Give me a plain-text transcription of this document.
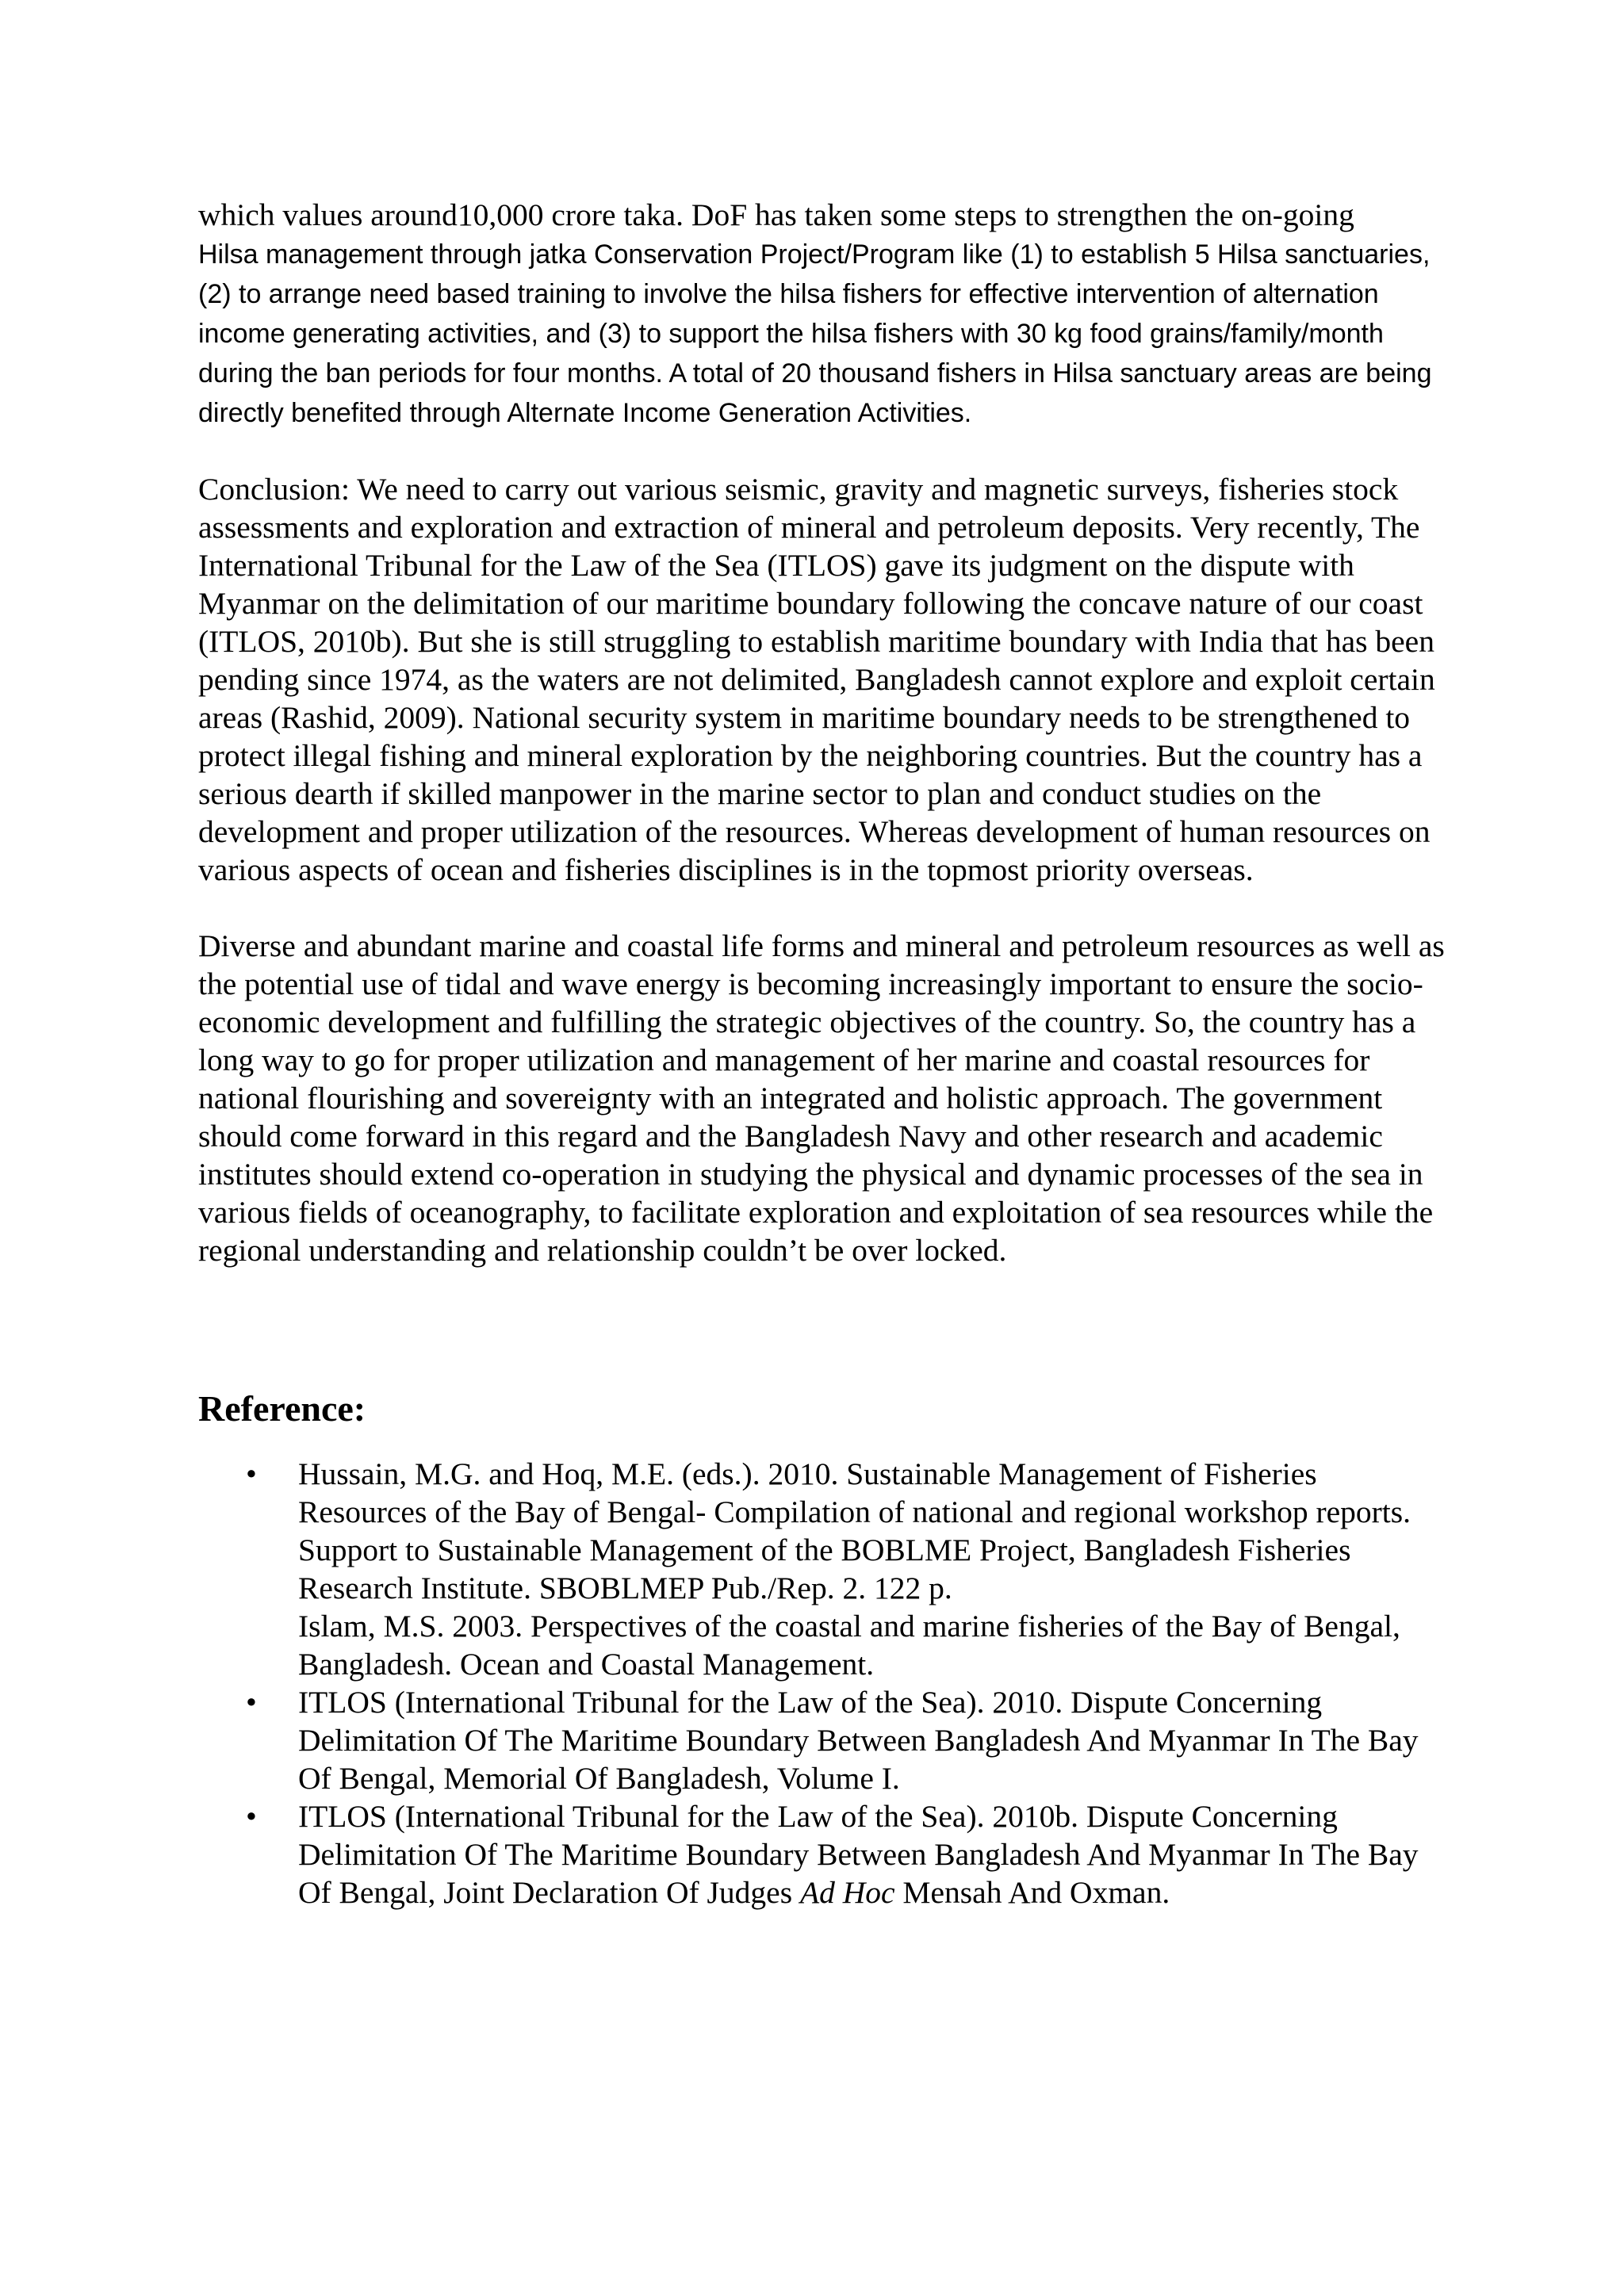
which values around10,000 crore taka. DoF has taken some steps to strengthen the on-going
Hilsa management through jatka Conservation Project/Program like (1) to establish 5 Hilsa sanctuaries, (2) to arrange need based training to involve the hilsa fishers for effective intervention of alternation income generating activities, and (3) to support the hilsa fishers with 30 kg food grains/family/month during the ban periods for four months. A total of 20 thousand fishers in Hilsa sanctuary areas are being directly benefited through Alternate Income Generation Activities.

Conclusion: We need to carry out various seismic, gravity and magnetic surveys, fisheries stock assessments and exploration and extraction of mineral and petroleum deposits. Very recently, The International Tribunal for the Law of the Sea (ITLOS) gave its judgment on the dispute with Myanmar on the delimitation of our maritime boundary following the concave nature of our coast (ITLOS, 2010b). But she is still struggling to establish maritime boundary with India that has been pending since 1974, as the waters are not delimited, Bangladesh cannot explore and exploit certain areas (Rashid, 2009). National security system in maritime boundary needs to be strengthened to protect illegal fishing and mineral exploration by the neighboring countries. But the country has a serious dearth if skilled manpower in the marine sector to plan and conduct studies on the development and proper utilization of the resources. Whereas development of human resources on various aspects of ocean and fisheries disciplines is in the topmost priority overseas.

Diverse and abundant marine and coastal life forms and mineral and petroleum resources as well as the potential use of tidal and wave energy is becoming increasingly important to ensure the socio-economic development and fulfilling the strategic objectives of the country. So, the country has a long way to go for proper utilization and management of her marine and coastal resources for national flourishing and sovereignty with an integrated and holistic approach. The government should come forward in this regard and the Bangladesh Navy and other research and academic institutes should extend co-operation in studying the physical and dynamic processes of the sea in various fields of oceanography, to facilitate exploration and exploitation of sea resources while the regional understanding and relationship couldn’t be over locked.

Reference:
• Hussain, M.G. and Hoq, M.E. (eds.). 2010. Sustainable Management of Fisheries Resources of the Bay of Bengal- Compilation of national and regional workshop reports. Support to Sustainable Management of the BOBLME Project, Bangladesh Fisheries Research Institute. SBOBLMEP Pub./Rep. 2. 122 p.
Islam, M.S. 2003. Perspectives of the coastal and marine fisheries of the Bay of Bengal, Bangladesh. Ocean and Coastal Management.
• ITLOS (International Tribunal for the Law of the Sea). 2010. Dispute Concerning Delimitation Of The Maritime Boundary Between Bangladesh And Myanmar In The Bay Of Bengal, Memorial Of Bangladesh, Volume I.
• ITLOS (International Tribunal for the Law of the Sea). 2010b. Dispute Concerning Delimitation Of The Maritime Boundary Between Bangladesh And Myanmar In The Bay Of Bengal, Joint Declaration Of Judges Ad Hoc Mensah And Oxman.
